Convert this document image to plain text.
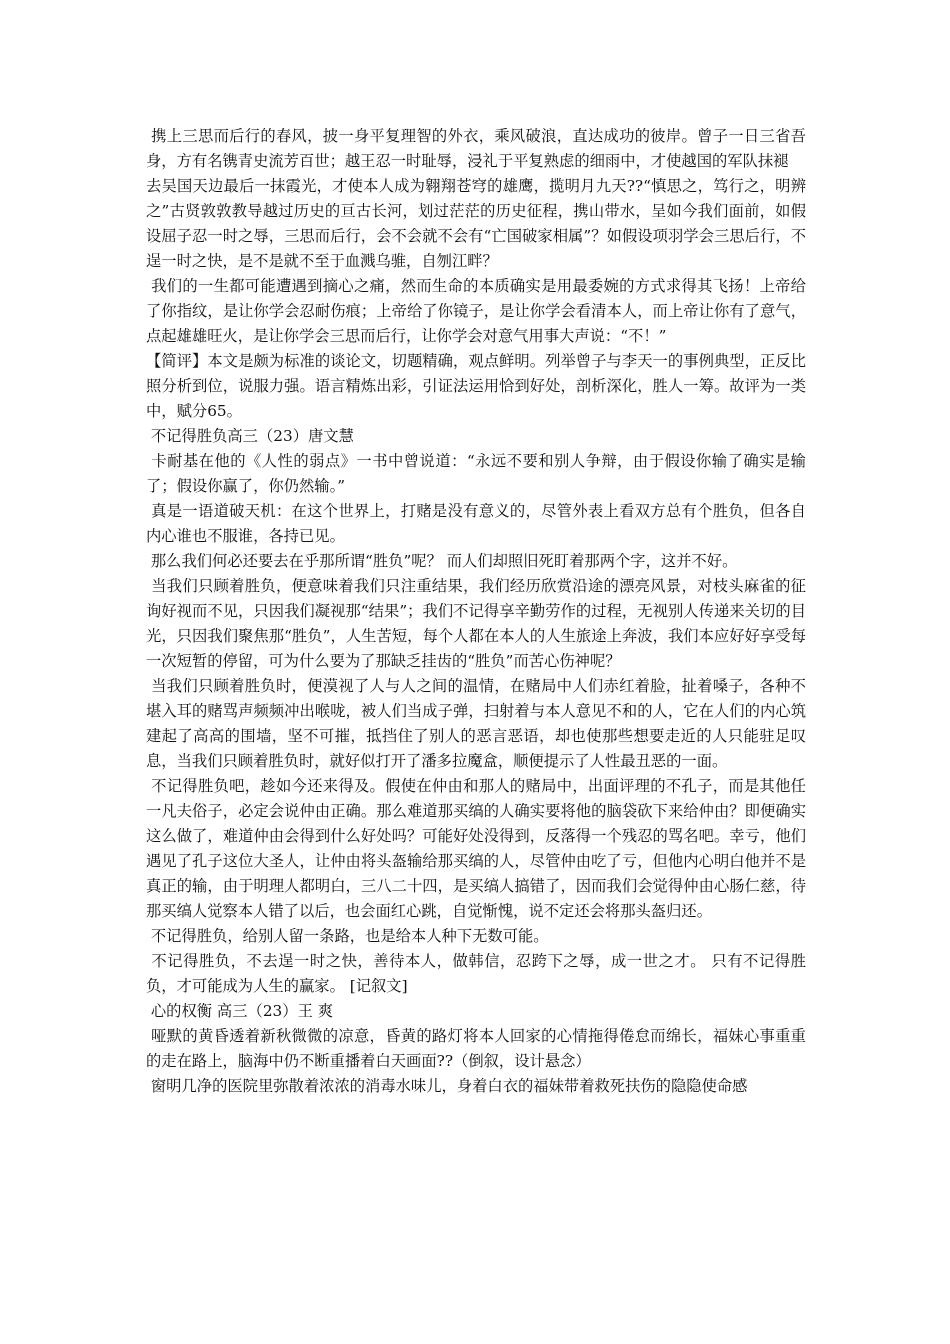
携上三思而后行的春风，披一身平复理智的外衣，乘风破浪，直达成功的彼岸。曾子一日三省吾身，方有名镌青史流芳百世；越王忍一时耻辱，浸礼于平复熟虑的细雨中，才使越国的军队抹褪

去吴国天边最后一抹霞光，才使本人成为翱翔苍穹的雄鹰，揽明月九天??“慎思之，笃行之，明辨之”古贤敦敦教导越过历史的亘古长河，划过茫茫的历史征程，携山带水，呈如今我们面前，如假设屈子忍一时之辱，三思而后行，会不会就不会有“亡国破家相属”？如假设项羽学会三思后行，不逞一时之快，是不是就不至于血溅乌骓，自刎江畔？

我们的一生都可能遭遇到摘心之痛，然而生命的本质确实是用最委婉的方式求得其飞扬！上帝给了你指纹，是让你学会忍耐伤痕；上帝给了你镜子，是让你学会看清本人，而上帝让你有了意气，点起雄雄旺火，是让你学会三思而后行，让你学会对意气用事大声说：“不！”

【简评】本文是颇为标准的谈论文，切题精确，观点鲜明。列举曾子与李天一的事例典型，正反比照分析到位，说服力强。语言精炼出彩，引证法运用恰到好处，剖析深化，胜人一筹。故评为一类中，赋分65。

不记得胜负高三（23）唐文慧

卡耐基在他的《人性的弱点》一书中曾说道：“永远不要和别人争辩，由于假设你输了确实是输了；假设你赢了，你仍然输。”

真是一语道破天机：在这个世界上，打赌是没有意义的，尽管外表上看双方总有个胜负，但各自内心谁也不服谁，各持已见。

那么我们何必还要去在乎那所谓“胜负”呢？ 而人们却照旧死盯着那两个字，这并不好。

当我们只顾着胜负，便意味着我们只注重结果，我们经历欣赏沿途的漂亮风景，对枝头麻雀的征询好视而不见，只因我们凝视那“结果”；我们不记得享辛勤劳作的过程，无视别人传递来关切的目光，只因我们聚焦那“胜负”，人生苦短，每个人都在本人的人生旅途上奔波，我们本应好好享受每一次短暂的停留，可为什么要为了那缺乏挂齿的“胜负”而苦心伤神呢？

当我们只顾着胜负时，便漠视了人与人之间的温情，在赌局中人们赤红着脸，扯着嗓子，各种不堪入耳的赌骂声频频冲出喉咙，被人们当成子弹，扫射着与本人意见不和的人，它在人们的内心筑建起了高高的围墙，坚不可摧，抵挡住了别人的恶言恶语，却也使那些想要走近的人只能驻足叹息，当我们只顾着胜负时，就好似打开了潘多拉魔盒，顺便提示了人性最丑恶的一面。

不记得胜负吧，趁如今还来得及。假使在仲由和那人的赌局中，出面评理的不孔子，而是其他任一凡夫俗子，必定会说仲由正确。那么难道那买缟的人确实要将他的脑袋砍下来给仲由？即便确实这么做了，难道仲由会得到什么好处吗？可能好处没得到，反落得一个残忍的骂名吧。幸亏，他们遇见了孔子这位大圣人，让仲由将头盔输给那买缟的人，尽管仲由吃了亏，但他内心明白他并不是真正的输，由于明理人都明白，三八二十四，是买缟人搞错了，因而我们会觉得仲由心肠仁慈，待那买缟人觉察本人错了以后，也会面红心跳，自觉惭愧，说不定还会将那头盔归还。

不记得胜负，给别人留一条路，也是给本人种下无数可能。

不记得胜负，不去逞一时之快，善待本人，做韩信，忍跨下之辱，成一世之才。 只有不记得胜负，才可能成为人生的赢家。 [记叙文]

心的权衡 高三（23）王 爽

哑默的黄昏透着新秋微微的凉意，昏黄的路灯将本人回家的心情拖得倦怠而绵长，福妹心事重重的走在路上，脑海中仍不断重播着白天画面??（倒叙，设计悬念）

窗明几净的医院里弥散着浓浓的消毒水味儿，身着白衣的福妹带着救死扶伤的隐隐使命感
